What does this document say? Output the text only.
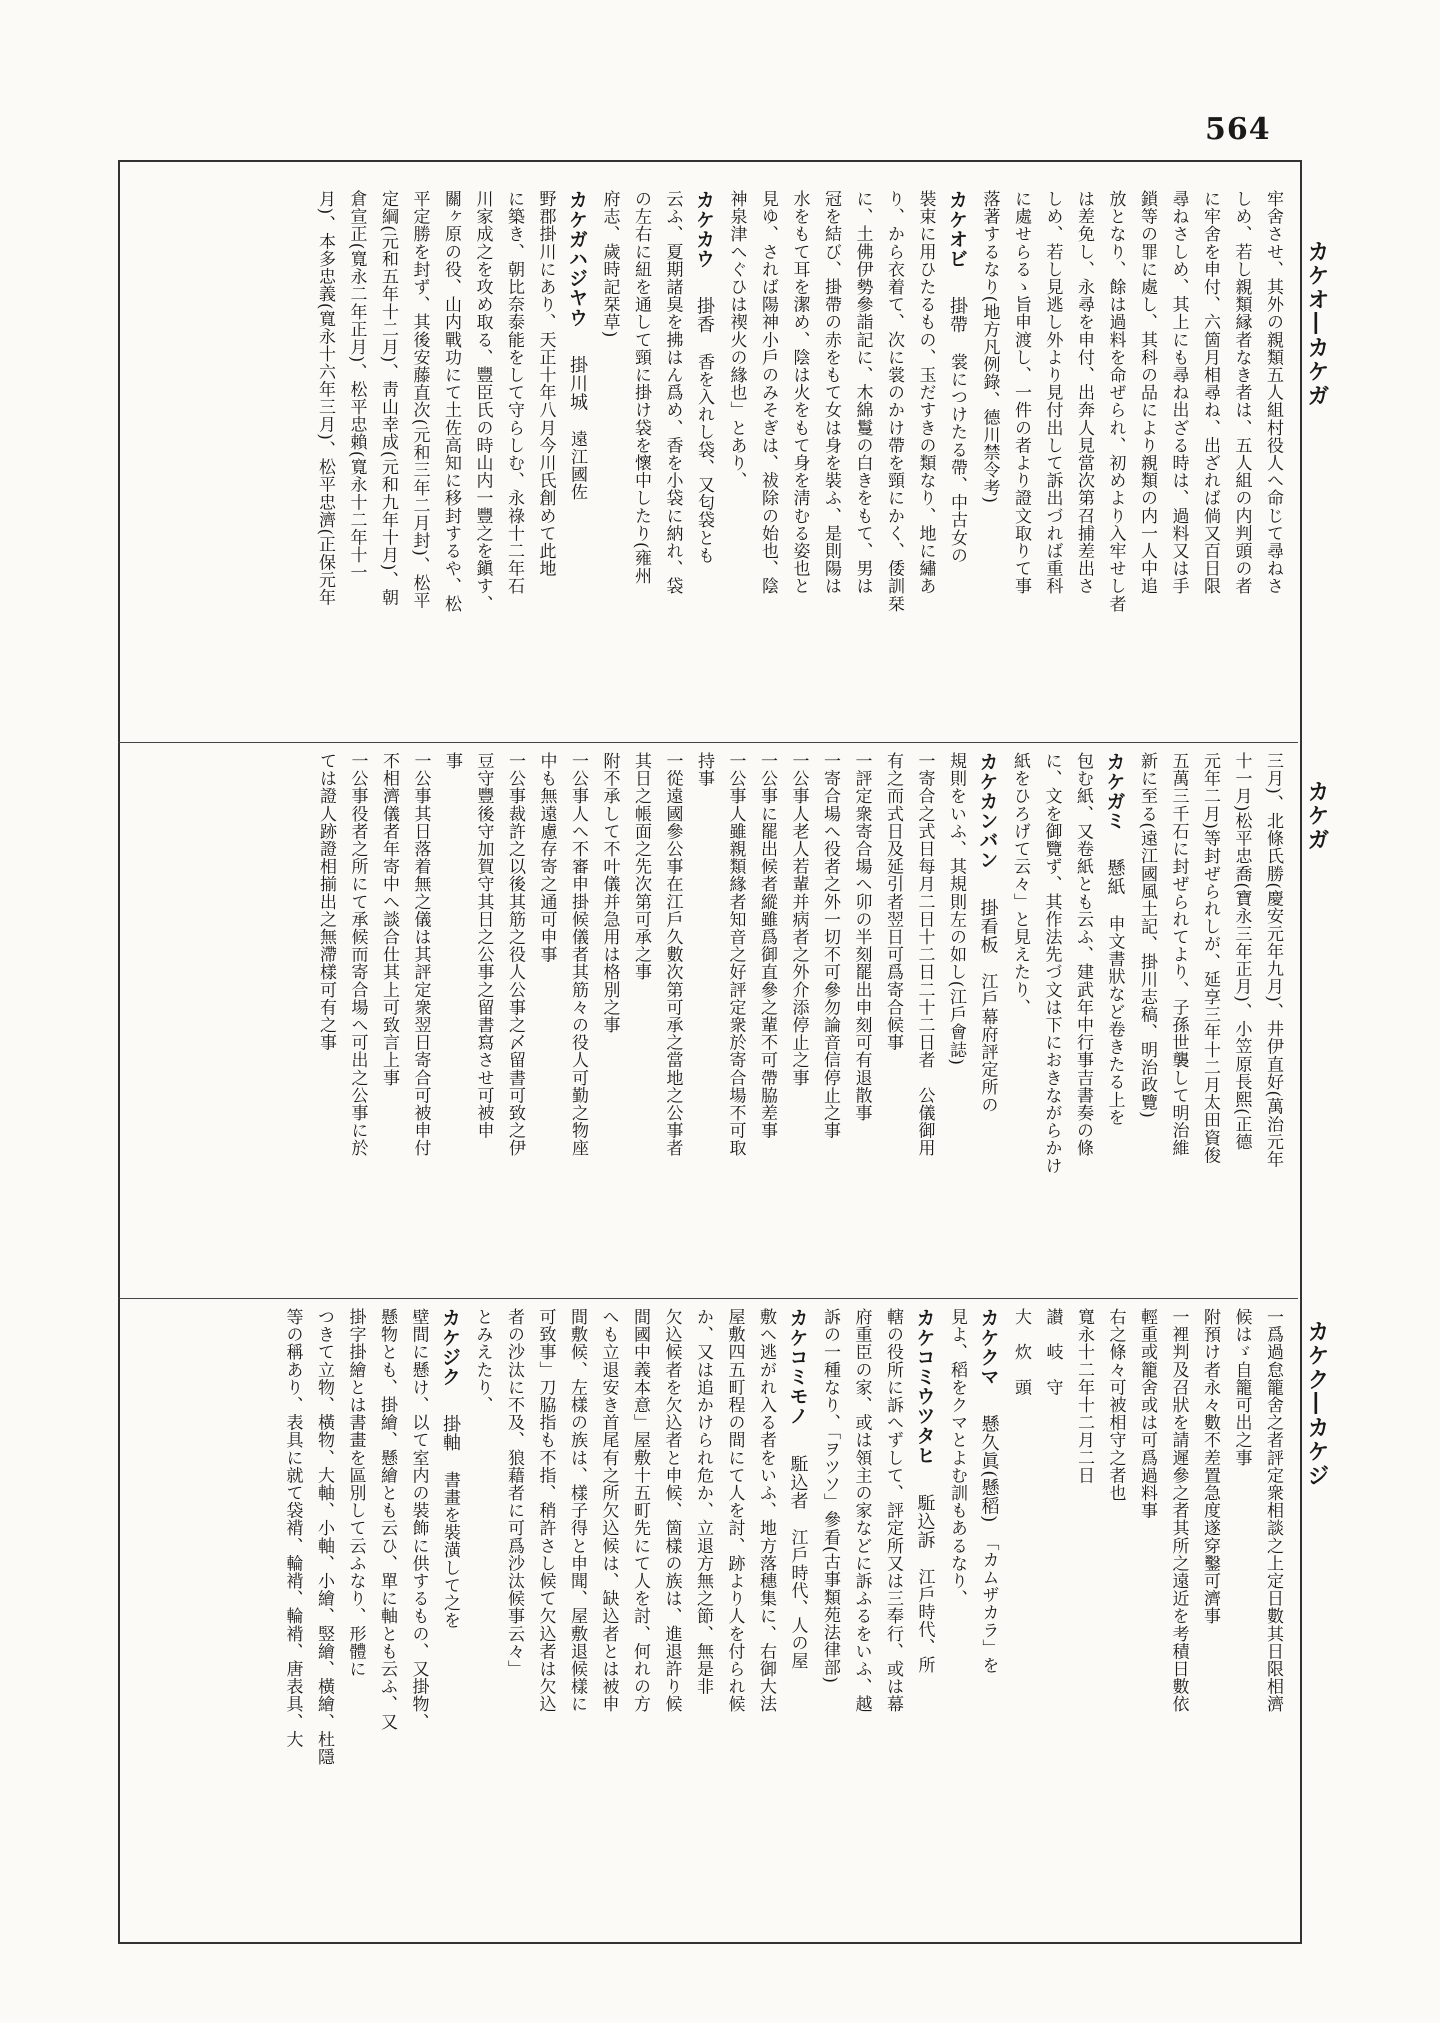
564
カケオ―カケガ
カケガ
カケク―カケジ

牢舍させ、其外の親類五人組村役人へ命じて尋ねさ

しめ、若し親類縁者なき者は、五人組の内判頭の者

に牢舍を申付、六箇月相尋ね、出ざれば倘又百日限

尋ねさしめ、其上にも尋ね出ざる時は、過料又は手

鎖等の罪に處し、其科の品により親類の内一人中追

放となり、餘は過料を命ぜられ、初めより入牢せし者

は差免し、永尋を申付、出奔人見當次第召捕差出さ

しめ、若し見逃し外より見付出して訴出づれば重科

に處せらるゝ旨申渡し、一件の者より證文取りて事

落著するなり(地方凡例錄、德川禁令考)

カケオビ　掛帶　裳につけたる帶、中古女の

裝束に用ひたるもの、玉だすきの類なり、地に繡あ

り、から衣着て、次に裳のかけ帶を頸にかく、倭訓栞

に、土佛伊勢參詣記に、木綿鬘の白きをもて、男は

冠を結び、掛帶の赤をもて女は身を裝ふ、是則陽は

水をもて耳を潔め、陰は火をもて身を淸むる姿也と

見ゆ、されば陽神小戶のみそぎは、祓除の始也、陰

神泉津へぐひは禊火の緣也」とあり、

カケカウ　掛香　香を入れし袋、又匂袋とも

云ふ、夏期諸臭を拂はん爲め、香を小袋に納れ、袋

の左右に紐を通して頸に掛け袋を懷中したり(雍州

府志、歲時記栞草)

カケガハジヤウ　掛川城　遠江國佐

野郡掛川にあり、天正十年八月今川氏創めて此地

に築き、朝比奈泰能をして守らしむ、永祿十二年石

川家成之を攻め取る、豐臣氏の時山内一豐之を鎭す、

關ヶ原の役、山内戰功にて土佐高知に移封するや、松

平定勝を封ず、其後安藤直次(元和三年二月封)、松平

定綱(元和五年十二月)、靑山幸成(元和九年十月)、朝

倉宣正(寬永二年正月)、松平忠賴(寬永十二年十一

月)、本多忠義(寬永十六年三月)、松平忠濟(正保元年

三月)、北條氏勝(慶安元年九月)、井伊直好(萬治元年

十一月)松平忠喬(寶永三年正月)、小笠原長熙(正德

元年二月)等封ぜられしが、延享三年十二月太田資俊

五萬三千石に封ぜられてより、子孫世襲して明治維

新に至る(遠江國風土記、掛川志稿、明治政覽)

カケガミ　懸紙　申文書狀など卷きたる上を

包む紙、又卷紙とも云ふ、建武年中行事吉書奏の條

に、文を御覽ず、其作法先づ文は下におきながらかけ

紙をひろげて云々」と見えたり、

カケカンバン　掛看板　江戶幕府評定所の

規則をいふ、其規則左の如し(江戶會誌)

一寄合之式日每月二日十二日二十二日者　公儀御用

有之而式日及延引者翌日可爲寄合候事

一評定衆寄合場へ卯の半刻罷出申刻可有退散事

一寄合場へ役者之外一切不可參勿論音信停止之事

一公事人老人若輩并病者之外介添停止之事

一公事に罷出候者縱雖爲御直參之輩不可帶脇差事

一公事人雖親類緣者知音之好評定衆於寄合場不可取

持事

一從遠國參公事在江戶久數次第可承之當地之公事者

其日之帳面之先次第可承之事

附不承して不叶儀并急用は格別之事

一公事人へ不審申掛候儀者其筋々の役人可勤之物座

中も無遠慮存寄之通可申事

一公事裁許之以後其筋之役人公事之〆留書可致之伊

豆守豐後守加賀守其日之公事之留書寫させ可被申

事

一公事其日落着無之儀は其評定衆翌日寄合可被申付

不相濟儀者年寄中へ談合仕其上可致言上事

一公事役者之所にて承候而寄合場へ可出之公事に於

ては證人跡證相揃出之無滯樣可有之事

一爲過怠籠舍之者評定衆相談之上定日數其日限相濟

候はゞ自籠可出之事

附預け者永々數不差置急度遂穿鑿可濟事

一裡判及召狀を請遲參之者其所之遠近を考積日數依

輕重或籠舍或は可爲過料事

右之條々可被相守之者也

寬永十二年十二月二日

讃　岐　守

大　炊　頭

カケクマ　懸久眞(懸稻)　「カムザカラ」を

見よ、稻をクマとよむ訓もあるなり、

カケコミウツタヒ　駈込訴　江戶時代、所

轄の役所に訴へずして、評定所又は三奉行、或は幕

府重臣の家、或は領主の家などに訴ふるをいふ、越

訴の一種なり、「ヲツソ」參看(古事類苑法律部)

カケコミモノ　駈込者　江戶時代、人の屋

敷へ逃がれ入る者をいふ、地方落穗集に、右御大法

屋敷四五町程の間にて人を討、跡より人を付られ候

か、又は追かけられ危か、立退方無之節、無是非

欠込候者を欠込者と申候、箇樣の族は、進退許り候

間國中義本意」屋敷十五町先にて人を討、何れの方

へも立退安き首尾有之所欠込候は、缺込者とは被申

間敷候、左樣の族は、樣子得と申聞、屋敷退候樣に

可致事」刀脇指も不指、稍許さし候て欠込者は欠込

者の沙汰に不及、狼藉者に可爲沙汰候事云々」

とみえたり、

カケジク　掛軸　書畫を裝潢して之を

壁間に懸け、以て室内の裝飾に供するもの、又掛物、

懸物とも、掛繪、懸繪とも云ひ、單に軸とも云ふ、又

掛字掛繪とは書畫を區別して云ふなり、形體に

つきて立物、橫物、大軸、小軸、小繪、竪繪、橫繪、杜隱

等の稱あり、表具に就て袋褙、輪褙、輪褙、唐表具、大
